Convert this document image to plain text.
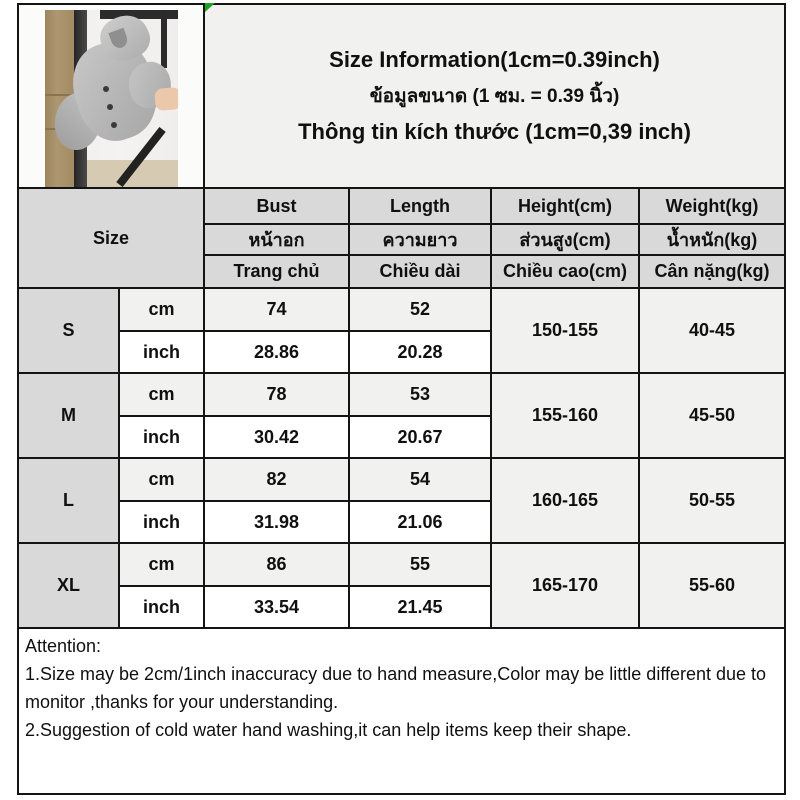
		Size Information(1cm=0.39inch)
ข้อมูลขนาด (1 ซม. = 0.39 นิ้ว)
Thông tin kích thước (1cm=0,39 inch)			

Size		Bust	Length	Height(cm)	Weight(kg)
		หน้าอก	ความยาว	ส่วนสูง(cm)	น้ำหนัก(kg)
		Trang chủ	Chiều dài	Chiều cao(cm)	Cân nặng(kg)
S	cm	74	52	150-155	40-45
	inch	28.86	20.28		
M	cm	78	53	155-160	45-50
	inch	30.42	20.67		
L	cm	82	54	160-165	50-55
	inch	31.98	21.06		
XL	cm	86	55	165-170	55-60
	inch	33.54	21.45		

Attention:
1.Size may be 2cm/1inch inaccuracy due to hand measure,Color may be little different due to monitor ,thanks for your understanding.
2.Suggestion of cold water hand washing,it can help items keep their shape.					
